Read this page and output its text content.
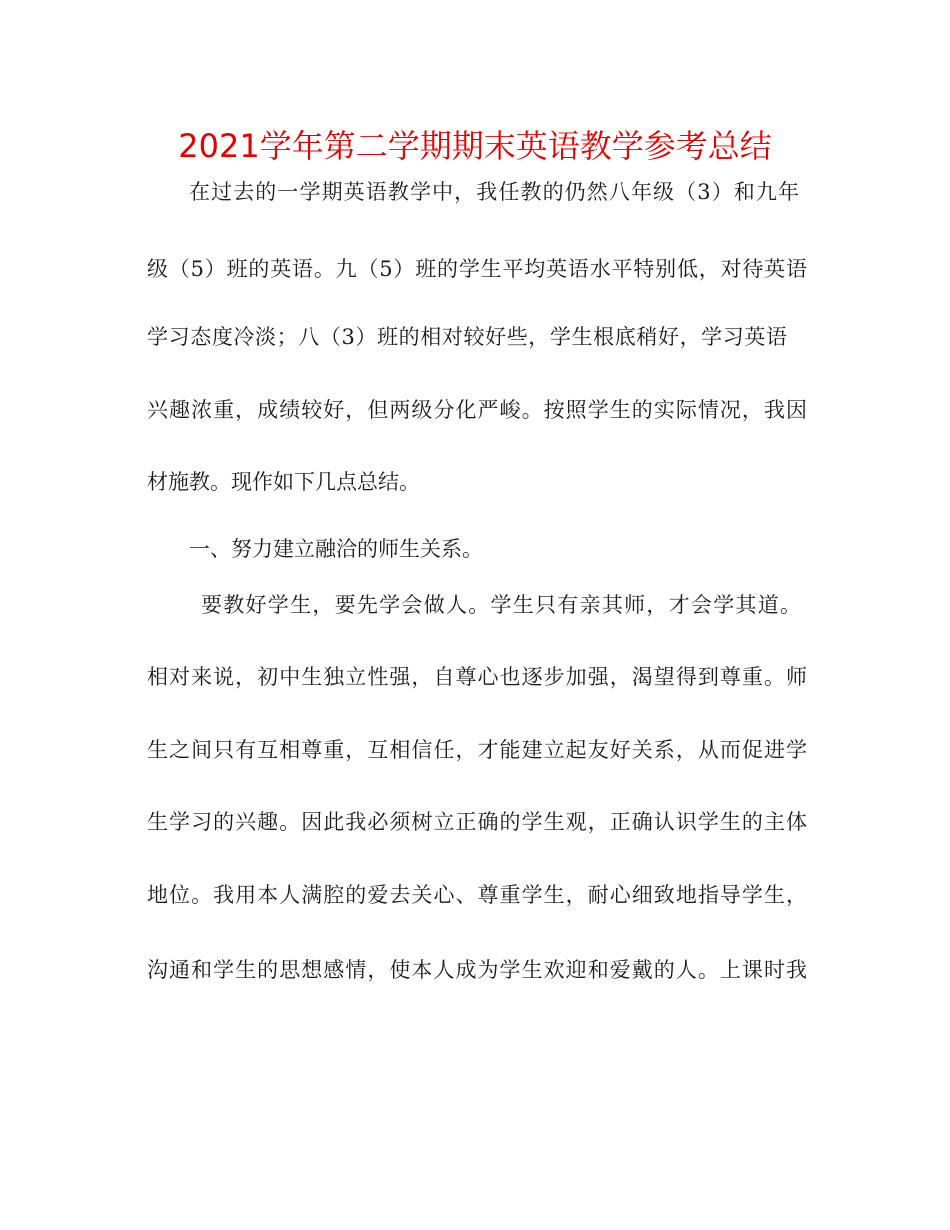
2021学年第二学期期末英语教学参考总结
在过去的一学期英语教学中，我任教的仍然八年级（3）和九年
级（5）班的英语。九（5）班的学生平均英语水平特别低，对待英语
学习态度冷淡；八（3）班的相对较好些，学生根底稍好，学习英语
兴趣浓重，成绩较好，但两级分化严峻。按照学生的实际情况，我因
材施教。现作如下几点总结。
一、努力建立融洽的师生关系。
要教好学生，要先学会做人。学生只有亲其师，才会学其道。
相对来说，初中生独立性强，自尊心也逐步加强，渴望得到尊重。师
生之间只有互相尊重，互相信任，才能建立起友好关系，从而促进学
生学习的兴趣。因此我必须树立正确的学生观，正确认识学生的主体
地位。我用本人满腔的爱去关心、尊重学生，耐心细致地指导学生，
沟通和学生的思想感情，使本人成为学生欢迎和爱戴的人。上课时我
